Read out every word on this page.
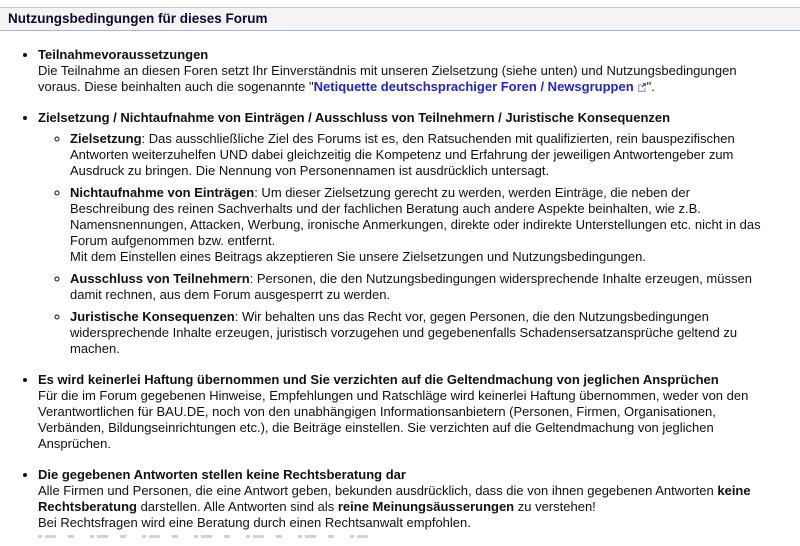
Nutzungsbedingungen für dieses Forum
• Teilnahmevoraussetzungen
Die Teilnahme an diesen Foren setzt Ihr Einverständnis mit unseren Zielsetzung (siehe unten) und Nutzungsbedingungen voraus. Diese beinhalten auch die sogenannte "Netiquette deutschsprachiger Foren / Newsgruppen ".
• Zielsetzung / Nichtaufnahme von Einträgen / Ausschluss von Teilnehmern / Juristische Konsequenzen
◦ Zielsetzung: Das ausschließliche Ziel des Forums ist es, den Ratsuchenden mit qualifizierten, rein bauspezifischen Antworten weiterzuhelfen UND dabei gleichzeitig die Kompetenz und Erfahrung der jeweiligen Antwortengeber zum Ausdruck zu bringen. Die Nennung von Personennamen ist ausdrücklich untersagt.
◦ Nichtaufnahme von Einträgen: Um dieser Zielsetzung gerecht zu werden, werden Einträge, die neben der Beschreibung des reinen Sachverhalts und der fachlichen Beratung auch andere Aspekte beinhalten, wie z.B. Namensnennungen, Attacken, Werbung, ironische Anmerkungen, direkte oder indirekte Unterstellungen etc. nicht in das Forum aufgenommen bzw. entfernt.
Mit dem Einstellen eines Beitrags akzeptieren Sie unsere Zielsetzungen und Nutzungsbedingungen.
◦ Ausschluss von Teilnehmern: Personen, die den Nutzungsbedingungen widersprechende Inhalte erzeugen, müssen damit rechnen, aus dem Forum ausgesperrt zu werden.
◦ Juristische Konsequenzen: Wir behalten uns das Recht vor, gegen Personen, die den Nutzungsbedingungen widersprechende Inhalte erzeugen, juristisch vorzugehen und gegebenenfalls Schadensersatzansprüche geltend zu machen.
• Es wird keinerlei Haftung übernommen und Sie verzichten auf die Geltendmachung von jeglichen Ansprüchen
Für die im Forum gegebenen Hinweise, Empfehlungen und Ratschläge wird keinerlei Haftung übernommen, weder von den Verantwortlichen für BAU.DE, noch von den unabhängigen Informationsanbietern (Personen, Firmen, Organisationen, Verbänden, Bildungseinrichtungen etc.), die Beiträge einstellen. Sie verzichten auf die Geltendmachung von jeglichen Ansprüchen.
• Die gegebenen Antworten stellen keine Rechtsberatung dar
Alle Firmen und Personen, die eine Antwort geben, bekunden ausdrücklich, dass die von ihnen gegebenen Antworten keine Rechtsberatung darstellen. Alle Antworten sind als reine Meinungsäusserungen zu verstehen!
Bei Rechtsfragen wird eine Beratung durch einen Rechtsanwalt empfohlen.
